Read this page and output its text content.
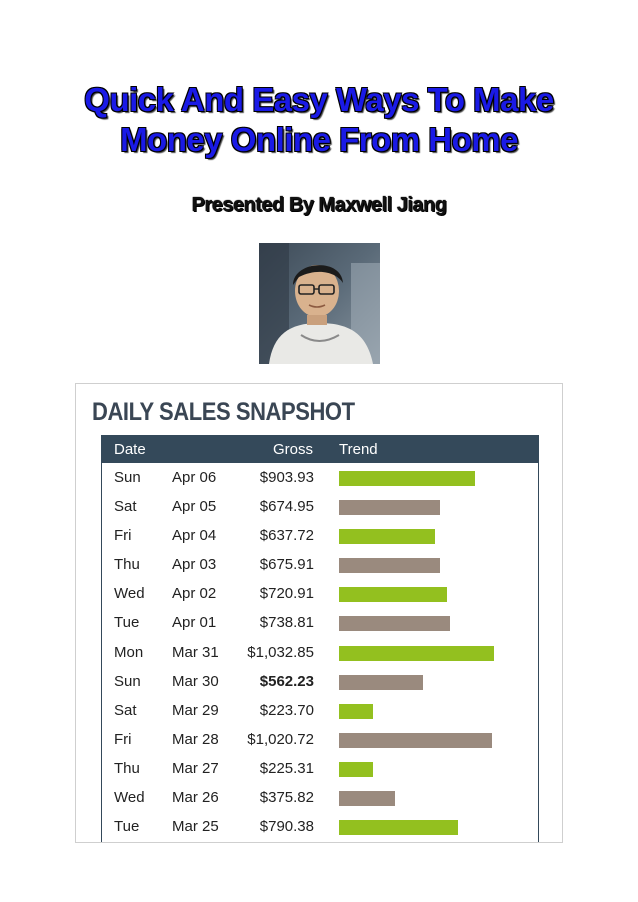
Quick And Easy Ways To Make
Money Online From Home
Presented By Maxwell Jiang
DAILY SALES SNAPSHOT
Date	Gross Trend
Sun Apr 06	$903.93
Sat Apr 05	$674.95
Fri	Apr 04	$637.72
Thu Apr 03	$675.91
Wed Apr 02	$720.91
Tue Apr 01	$738.81
Mon Mar 31 $1,032.85
Sun Mar 30	$562.23
Sat Mar 29	$223.70
Fri	Mar 28 $1,020.72
Thu Mar 27	$225.31
Wed Mar 26	$375.82
Tue Mar 25	$790.38
